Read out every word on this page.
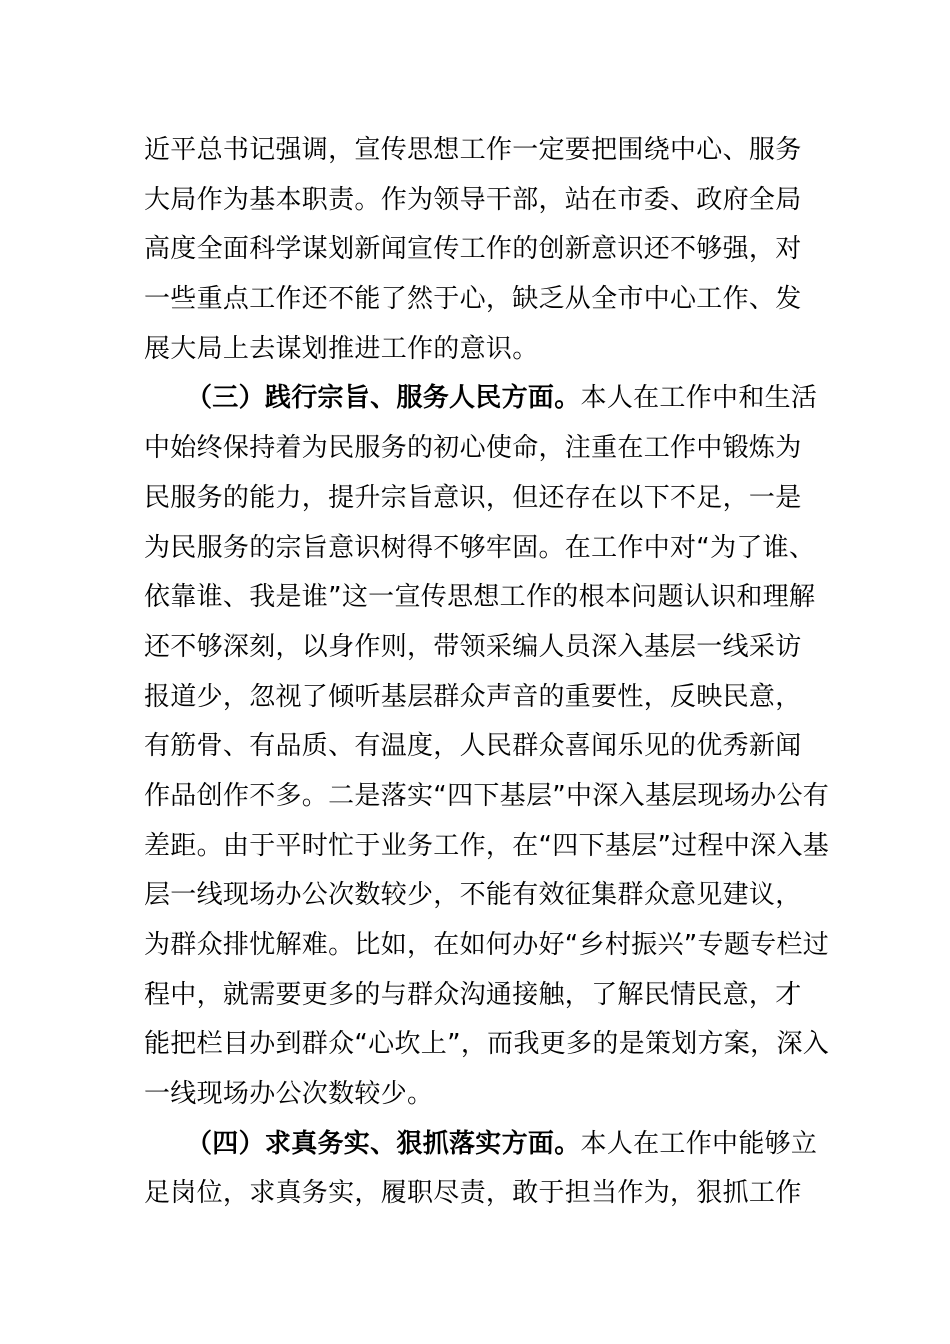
近平总书记强调，宣传思想工作一定要把围绕中心、服务
大局作为基本职责。作为领导干部，站在市委、政府全局
高度全面科学谋划新闻宣传工作的创新意识还不够强，对
一些重点工作还不能了然于心，缺乏从全市中心工作、发
展大局上去谋划推进工作的意识。
（三）践行宗旨、服务人民方面。本人在工作中和生活
中始终保持着为民服务的初心使命，注重在工作中锻炼为
民服务的能力，提升宗旨意识，但还存在以下不足，一是
为民服务的宗旨意识树得不够牢固。在工作中对“为了谁、
依靠谁、我是谁”这一宣传思想工作的根本问题认识和理解
还不够深刻，以身作则，带领采编人员深入基层一线采访
报道少，忽视了倾听基层群众声音的重要性，反映民意，
有筋骨、有品质、有温度，人民群众喜闻乐见的优秀新闻
作品创作不多。二是落实“四下基层”中深入基层现场办公有
差距。由于平时忙于业务工作，在“四下基层”过程中深入基
层一线现场办公次数较少，不能有效征集群众意见建议，
为群众排忧解难。比如，在如何办好“乡村振兴”专题专栏过
程中，就需要更多的与群众沟通接触，了解民情民意，才
能把栏目办到群众“心坎上”，而我更多的是策划方案，深入
一线现场办公次数较少。
（四）求真务实、狠抓落实方面。本人在工作中能够立
足岗位，求真务实，履职尽责，敢于担当作为，狠抓工作
